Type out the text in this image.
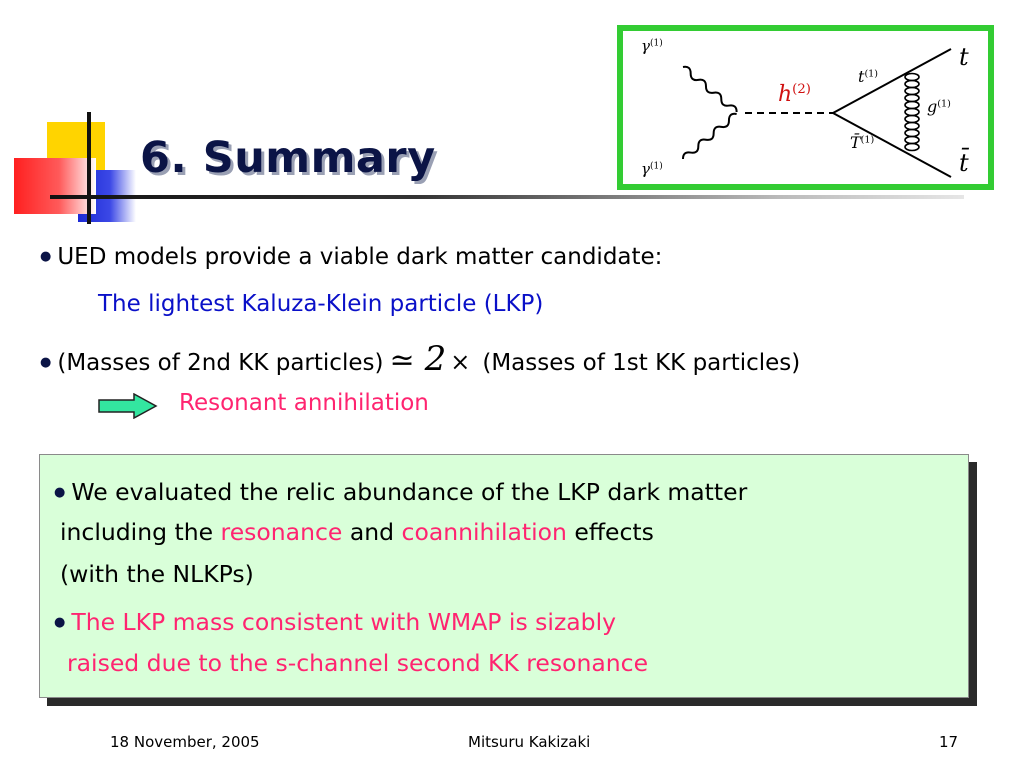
6. Summary
$\gamma^{(1)}$
$\gamma^{(1)}$
$h^{(2)}$
t
$t^{(1)}$
$g^{(1)}$
T̄$^{(1)}$
t̄
● UED models provide a viable dark matter candidate:
The lightest Kaluza-Klein particle (LKP)
● (Masses of 2nd KK particles) ≃ 2 × (Masses of 1st KK particles)
Resonant annihilation
● We evaluated the relic abundance of the LKP dark matter
including the resonance and coannihilation effects
(with the NLKPs)
● The LKP mass consistent with WMAP is sizably
raised due to the s-channel second KK resonance
18 November, 2005	Mitsuru Kakizaki	17
